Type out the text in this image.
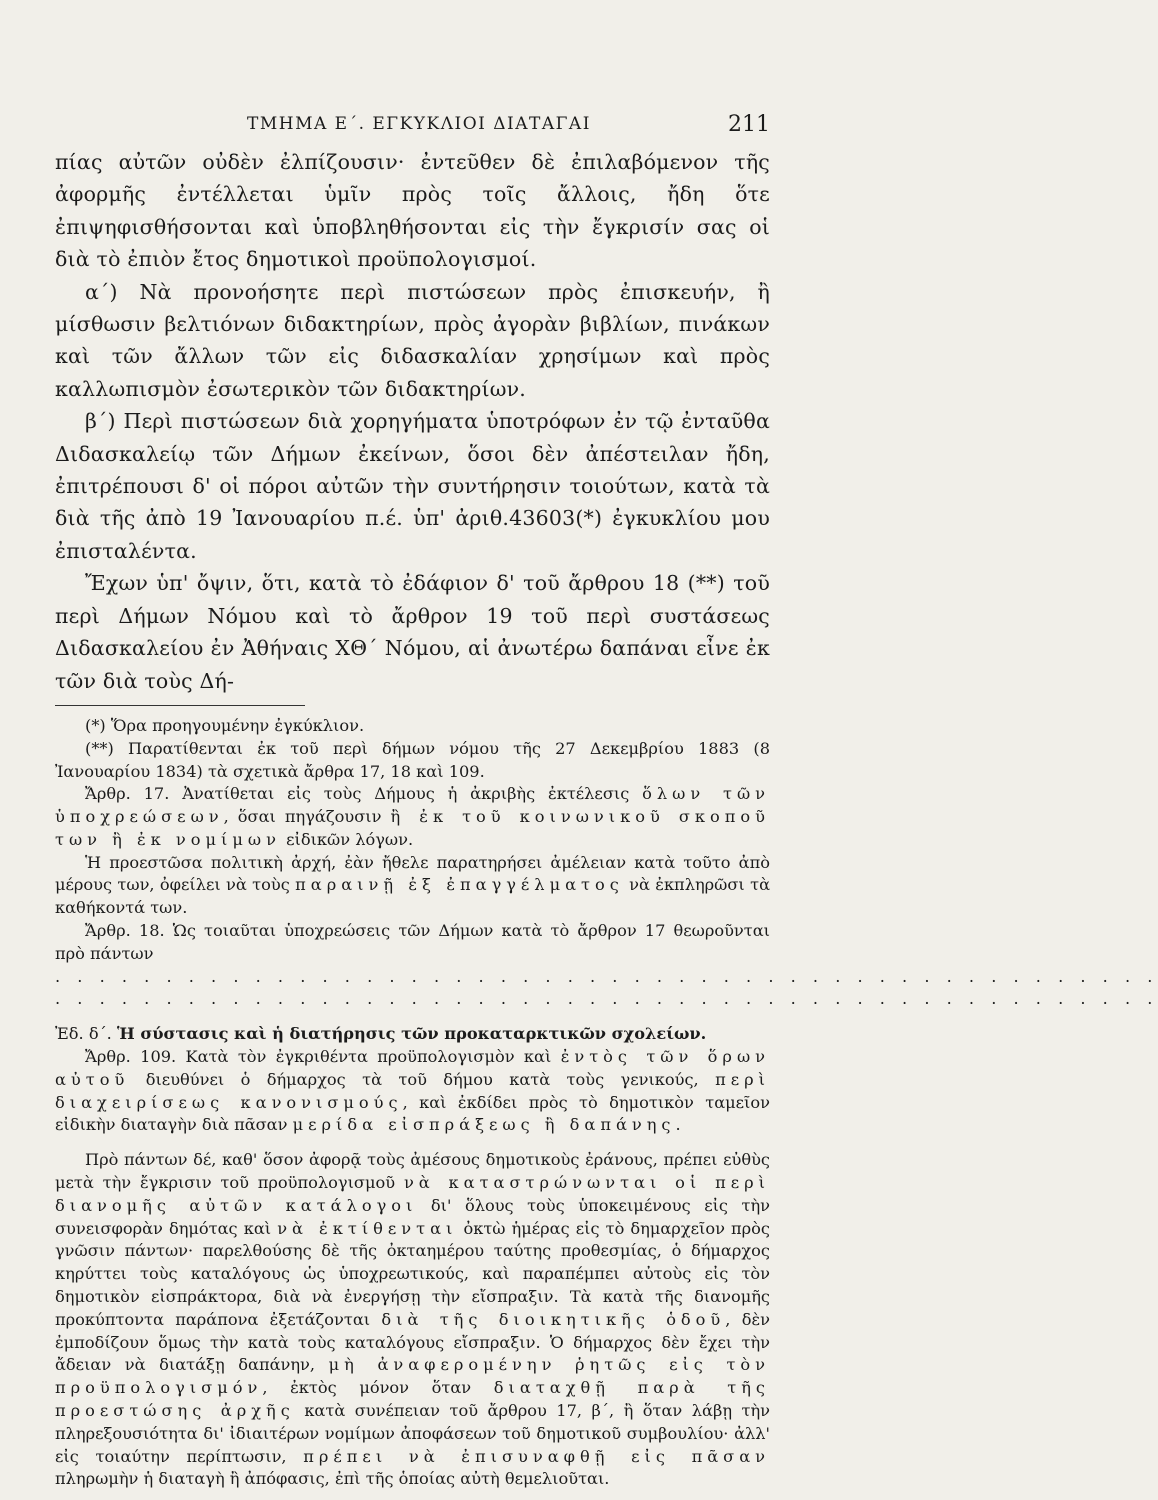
ΤΜΗΜΑ Ε΄. ΕΓΚΥΚΛΙΟΙ ΔΙΑΤΑΓΑΙ	211

πίας αὐτῶν οὐδὲν ἐλπίζουσιν· ἐντεῦθεν δὲ ἐπιλαβόμενον τῆς ἀφορμῆς ἐντέλλεται ὑμῖν πρὸς τοῖς ἄλλοις, ἤδη ὅτε ἐπιψηφισθήσονται καὶ ὑποβληθήσονται εἰς τὴν ἔγκρισίν σας οἱ διὰ τὸ ἐπιὸν ἔτος δημοτικοὶ προϋπολογισμοί.

α΄) Νὰ προνοήσητε περὶ πιστώσεων πρὸς ἐπισκευήν, ἢ μίσθωσιν βελτιόνων διδακτηρίων, πρὸς ἀγορὰν βιβλίων, πινάκων καὶ τῶν ἄλλων τῶν εἰς διδασκαλίαν χρησίμων καὶ πρὸς καλλωπισμὸν ἐσωτερικὸν τῶν διδακτηρίων.

β΄) Περὶ πιστώσεων διὰ χορηγήματα ὑποτρόφων ἐν τῷ ἐνταῦθα Διδασκαλείῳ τῶν Δήμων ἐκείνων, ὅσοι δὲν ἀπέστειλαν ἤδη, ἐπιτρέπουσι δ' οἱ πόροι αὐτῶν τὴν συντήρησιν τοιούτων, κατὰ τὰ διὰ τῆς ἀπὸ 19 Ἰανουαρίου π.έ. ὑπ' ἀριθ.43603(*) ἐγκυκλίου μου ἐπισταλέντα.

Ἔχων ὑπ' ὄψιν, ὅτι, κατὰ τὸ ἐδάφιον δ' τοῦ ἄρθρου 18 (**) τοῦ περὶ Δήμων Νόμου καὶ τὸ ἄρθρον 19 τοῦ περὶ συστάσεως Διδασκαλείου ἐν Ἀθήναις ΧΘ΄ Νόμου, αἱ ἀνωτέρω δαπάναι εἶνε ἐκ τῶν διὰ τοὺς Δή-

(*) Ὅρα προηγουμένην ἐγκύκλιον.

(**) Παρατίθενται ἐκ τοῦ περὶ δήμων νόμου τῆς 27 Δεκεμβρίου 1883 (8 Ἰανουαρίου 1834) τὰ σχετικὰ ἄρθρα 17, 18 καὶ 109.

Ἄρθρ. 17. Ἀνατίθεται εἰς τοὺς Δήμους ἡ ἀκριβὴς ἐκτέλεσις ὅλων τῶν ὑποχρεώσεων, ὅσαι πηγάζουσιν ἢ ἐκ τοῦ κοινωνικοῦ σκοποῦ των ἢ ἐκ νομίμων εἰδικῶν λόγων.

Ἡ προεστῶσα πολιτικὴ ἀρχή, ἐὰν ἤθελε παρατηρήσει ἀμέλειαν κατὰ τοῦτο ἀπὸ μέρους των, ὀφείλει νὰ τοὺς παραινῇ ἐξ ἐπαγγέλματος νὰ ἐκπληρῶσι τὰ καθήκοντά των.

Ἄρθρ. 18. Ὡς τοιαῦται ὑποχρεώσεις τῶν Δήμων κατὰ τὸ ἄρθρον 17 θεωροῦνται πρὸ πάντων

. . . . . . . . . . . . . . . . . . . . . . . . . . . . . . . . . . . . . . . . . . . . . . . . . .

. . . . . . . . . . . . . . . . . . . . . . . . . . . . . . . . . . . . . . . . . . . . . . . . . .

Ἐδ. δ΄. Ἡ σύστασις καὶ ἡ διατήρησις τῶν προκαταρκτικῶν σχολείων.

Ἄρθρ. 109. Κατὰ τὸν ἐγκριθέντα προϋπολογισμὸν καὶ ἐντὸς τῶν ὅρων αὐτοῦ διευθύνει ὁ δήμαρχος τὰ τοῦ δήμου κατὰ τοὺς γενικούς, περὶ διαχειρίσεως κανονισμούς, καὶ ἐκδίδει πρὸς τὸ δημοτικὸν ταμεῖον εἰδικὴν διαταγὴν διὰ πᾶσαν μερίδα εἰσπράξεως ἢ δαπάνης.

Πρὸ πάντων δέ, καθ' ὅσον ἀφορᾷ τοὺς ἀμέσους δημοτικοὺς ἐράνους, πρέπει εὐθὺς μετὰ τὴν ἔγκρισιν τοῦ προϋπολογισμοῦ νὰ καταστρώνωνται οἱ περὶ διανομῆς αὐτῶν κατάλογοι δι' ὅλους τοὺς ὑποκειμένους εἰς τὴν συνεισφορὰν δημότας καὶ νὰ ἐκτίθενται ὀκτὼ ἡμέρας εἰς τὸ δημαρχεῖον πρὸς γνῶσιν πάντων· παρελθούσης δὲ τῆς ὀκταημέρου ταύτης προθεσμίας, ὁ δήμαρχος κηρύττει τοὺς καταλόγους ὡς ὑποχρεωτικούς, καὶ παραπέμπει αὐτοὺς εἰς τὸν δημοτικὸν εἰσπράκτορα, διὰ νὰ ἐνεργήσῃ τὴν εἴσπραξιν. Τὰ κατὰ τῆς διανομῆς προκύπτοντα παράπονα ἐξετάζονται διὰ τῆς διοικητικῆς ὁδοῦ, δὲν ἐμποδίζουν ὅμως τὴν κατὰ τοὺς καταλόγους εἴσπραξιν. Ὁ δήμαρχος δὲν ἔχει τὴν ἄδειαν νὰ διατάξῃ δαπάνην, μὴ ἀναφερομένην ῥητῶς εἰς τὸν προϋπολογισμόν, ἐκτὸς μόνον ὅταν διαταχθῇ παρὰ τῆς προεστώσης ἀρχῆς κατὰ συνέπειαν τοῦ ἄρθρου 17, β΄, ἢ ὅταν λάβῃ τὴν πληρεξουσιότητα δι' ἰδιαιτέρων νομίμων ἀποφάσεων τοῦ δημοτικοῦ συμβουλίου· ἀλλ' εἰς τοιαύτην περίπτωσιν, πρέπει νὰ ἐπισυναφθῇ εἰς πᾶσαν πληρωμὴν ἡ διαταγὴ ἢ ἀπόφασις, ἐπὶ τῆς ὁποίας αὐτὴ θεμελιοῦται.
